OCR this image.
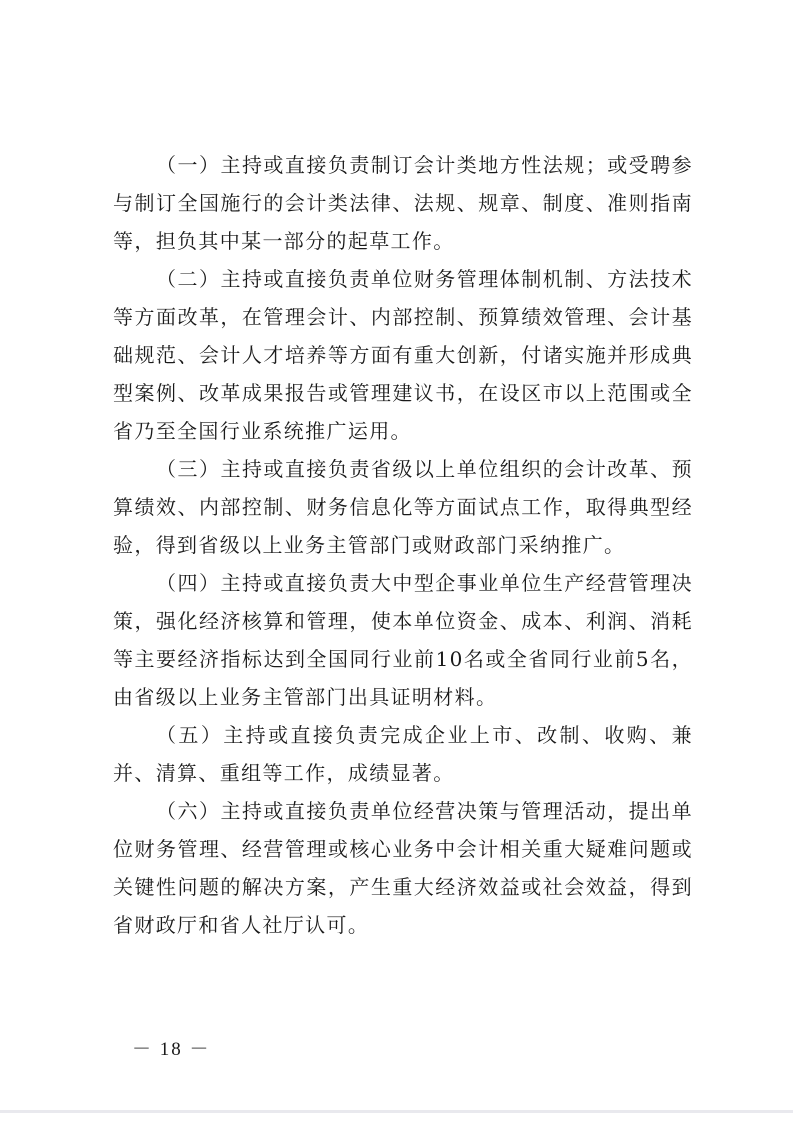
（一）主持或直接负责制订会计类地方性法规；或受聘参与制订全国施行的会计类法律、法规、规章、制度、准则指南等，担负其中某一部分的起草工作。

（二）主持或直接负责单位财务管理体制机制、方法技术等方面改革，在管理会计、内部控制、预算绩效管理、会计基础规范、会计人才培养等方面有重大创新，付诸实施并形成典型案例、改革成果报告或管理建议书，在设区市以上范围或全省乃至全国行业系统推广运用。

（三）主持或直接负责省级以上单位组织的会计改革、预算绩效、内部控制、财务信息化等方面试点工作，取得典型经验，得到省级以上业务主管部门或财政部门采纳推广。

（四）主持或直接负责大中型企事业单位生产经营管理决策，强化经济核算和管理，使本单位资金、成本、利润、消耗等主要经济指标达到全国同行业前10名或全省同行业前5名，由省级以上业务主管部门出具证明材料。

（五）主持或直接负责完成企业上市、改制、收购、兼并、清算、重组等工作，成绩显著。

（六）主持或直接负责单位经营决策与管理活动，提出单位财务管理、经营管理或核心业务中会计相关重大疑难问题或关键性问题的解决方案，产生重大经济效益或社会效益，得到省财政厅和省人社厅认可。

－ 18 －
